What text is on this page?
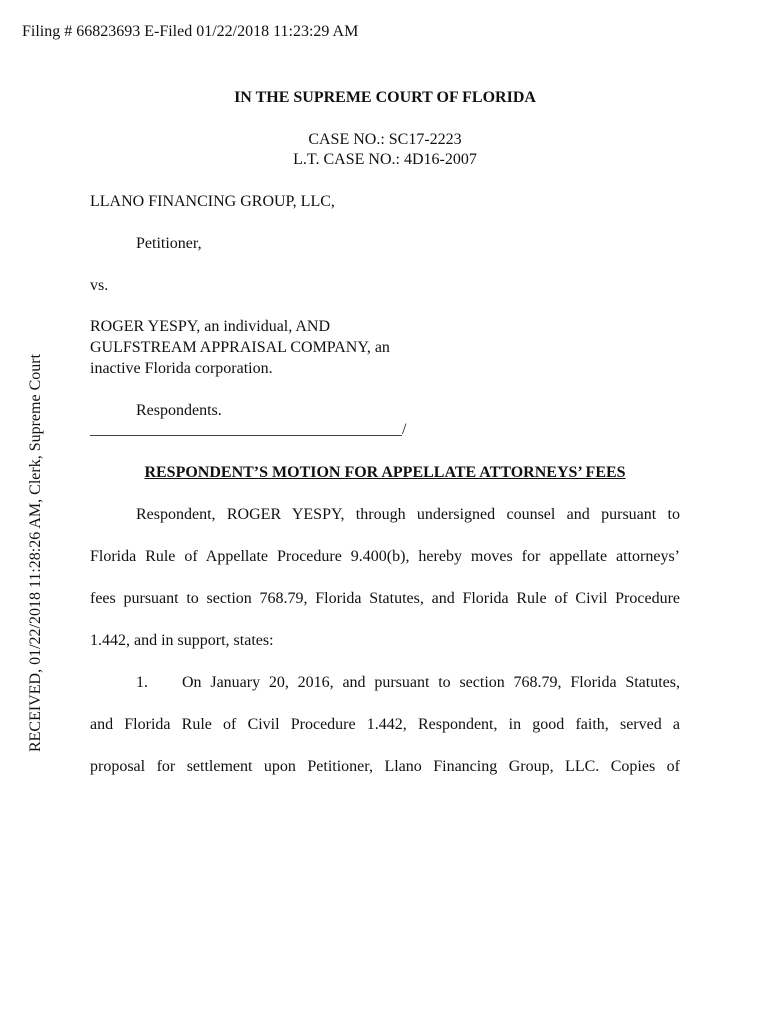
Filing # 66823693 E-Filed 01/22/2018 11:23:29 AM
RECEIVED, 01/22/2018 11:28:26 AM, Clerk, Supreme Court
IN THE SUPREME COURT OF FLORIDA
CASE NO.: SC17-2223
L.T. CASE NO.: 4D16-2007
LLANO FINANCING GROUP, LLC,
Petitioner,
vs.
ROGER YESPY, an individual, AND
GULFSTREAM APPRAISAL COMPANY, an
inactive Florida corporation.
Respondents.
_______________________________________/
RESPONDENT’S MOTION FOR APPELLATE ATTORNEYS’ FEES
Respondent, ROGER YESPY, through undersigned counsel and pursuant to
Florida Rule of Appellate Procedure 9.400(b), hereby moves for appellate attorneys’
fees pursuant to section 768.79, Florida Statutes, and Florida Rule of Civil Procedure
1.442, and in support, states:
1. On January 20, 2016, and pursuant to section 768.79, Florida Statutes,
and Florida Rule of Civil Procedure 1.442, Respondent, in good faith, served a
proposal for settlement upon Petitioner, Llano Financing Group, LLC. Copies of
